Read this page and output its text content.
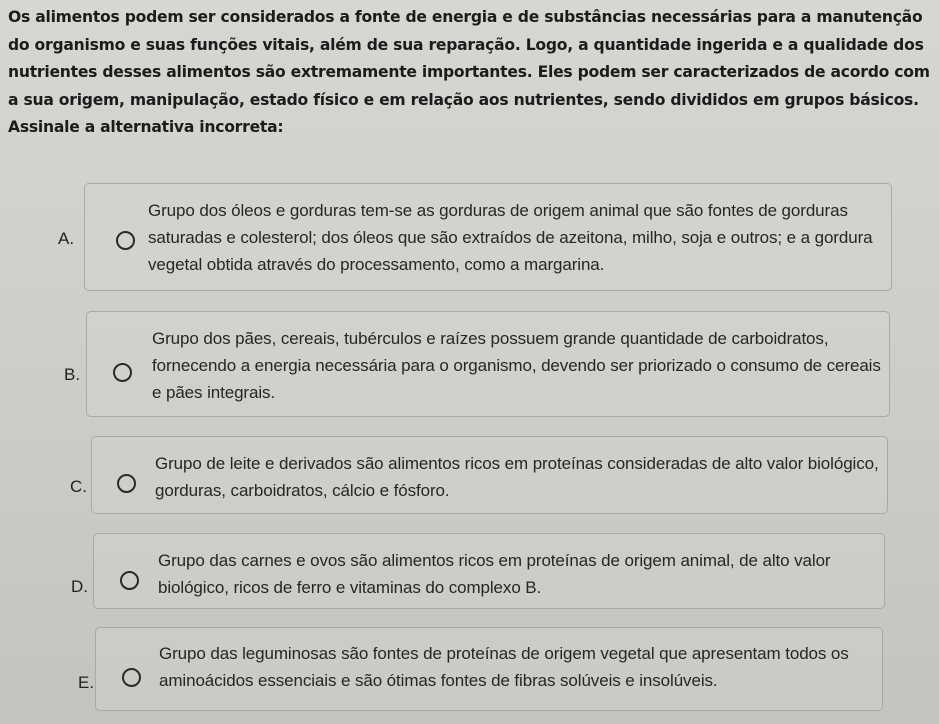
Os alimentos podem ser considerados a fonte de energia e de substâncias necessárias para a manutenção do organismo e suas funções vitais, além de sua reparação. Logo, a quantidade ingerida e a qualidade dos nutrientes desses alimentos são extremamente importantes. Eles podem ser caracterizados de acordo com a sua origem, manipulação, estado físico e em relação aos nutrientes, sendo divididos em grupos básicos. Assinale a alternativa incorreta:
A.
Grupo dos óleos e gorduras tem-se as gorduras de origem animal que são fontes de gorduras saturadas e colesterol; dos óleos que são extraídos de azeitona, milho, soja e outros; e a gordura vegetal obtida através do processamento, como a margarina.
B.
Grupo dos pães, cereais, tubérculos e raízes possuem grande quantidade de carboidratos, fornecendo a energia necessária para o organismo, devendo ser priorizado o consumo de cereais e pães integrais.
C.
Grupo de leite e derivados são alimentos ricos em proteínas consideradas de alto valor biológico, gorduras, carboidratos, cálcio e fósforo.
D.
Grupo das carnes e ovos são alimentos ricos em proteínas de origem animal, de alto valor biológico, ricos de ferro e vitaminas do complexo B.
E.
Grupo das leguminosas são fontes de proteínas de origem vegetal que apresentam todos os aminoácidos essenciais e são ótimas fontes de fibras solúveis e insolúveis.
